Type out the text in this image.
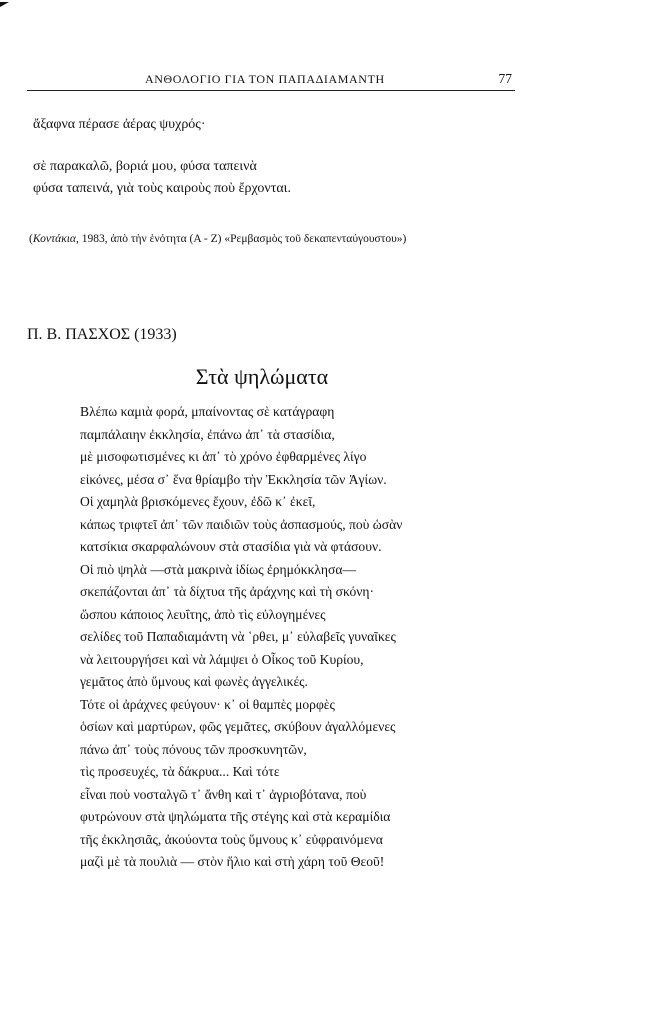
ΑΝΘΟΛΟΓΙΟ ΓΙΑ ΤΟΝ ΠΑΠΑΔΙΑΜΑΝΤΗ	77
ἄξαφνα πέρασε ἀέρας ψυχρός·
σὲ παρακαλῶ, βοριά μου, φύσα ταπεινὰ
φύσα ταπεινά, γιὰ τοὺς καιροὺς ποὺ ἔρχονται.
(Κοντάκια, 1983, ἀπὸ τὴν ἑνότητα (Α - Ζ) «Ρεμβασμὸς τοῦ δεκαπενταύγουστου»)
Π. Β. ΠΑΣΧΟΣ (1933)
Στὰ ψηλώματα
Βλέπω καμιὰ φορά, μπαίνοντας σὲ κατάγραφη
παμπάλαιην ἐκκλησία, ἐπάνω ἀπ᾽ τὰ στασίδια,
μὲ μισοφωτισμένες κι ἀπ᾽ τὸ χρόνο ἐφθαρμένες λίγο
εἰκόνες, μέσα σ᾽ ἕνα θρίαμβο τὴν Ἐκκλησία τῶν Ἁγίων.
Οἱ χαμηλὰ βρισκόμενες ἔχουν, ἐδῶ κ᾽ ἐκεῖ,
κάπως τριφτεῖ ἀπ᾽ τῶν παιδιῶν τοὺς ἀσπασμούς, ποὺ ὡσὰν
κατσίκια σκαρφαλώνουν στὰ στασίδια γιὰ νὰ φτάσουν.
Οἱ πιὸ ψηλὰ —στὰ μακρινὰ ἰδίως ἐρημόκκλησα—
σκεπάζονται ἀπ᾽ τὰ δίχτυα τῆς ἀράχνης καὶ τὴ σκόνη·
ὥσπου κάποιος λευΐτης, ἀπὸ τὶς εὐλογημένες
σελίδες τοῦ Παπαδιαμάντη νὰ ῾ρθει, μ᾽ εὐλαβεῖς γυναῖκες
νὰ λειτουργήσει καὶ νὰ λάμψει ὁ Οἶκος τοῦ Κυρίου,
γεμᾶτος ἀπὸ ὕμνους καὶ φωνὲς ἀγγελικές.
Τότε οἱ ἀράχνες φεύγουν· κ᾽ οἱ θαμπὲς μορφὲς
ὁσίων καὶ μαρτύρων, φῶς γεμᾶτες, σκύβουν ἀγαλλόμενες
πάνω ἀπ᾽ τοὺς πόνους τῶν προσκυνητῶν,
τὶς προσευχές, τὰ δάκρυα... Καὶ τότε
εἶναι ποὺ νοσταλγῶ τ᾽ ἄνθη καὶ τ᾽ ἀγριοβότανα, ποὺ
φυτρώνουν στὰ ψηλώματα τῆς στέγης καὶ στὰ κεραμίδια
τῆς ἐκκλησιᾶς, ἀκούοντα τοὺς ὕμνους κ᾽ εὐφραινόμενα
μαζὶ μὲ τὰ πουλιὰ — στὸν ἥλιο καὶ στὴ χάρη τοῦ Θεοῦ!
